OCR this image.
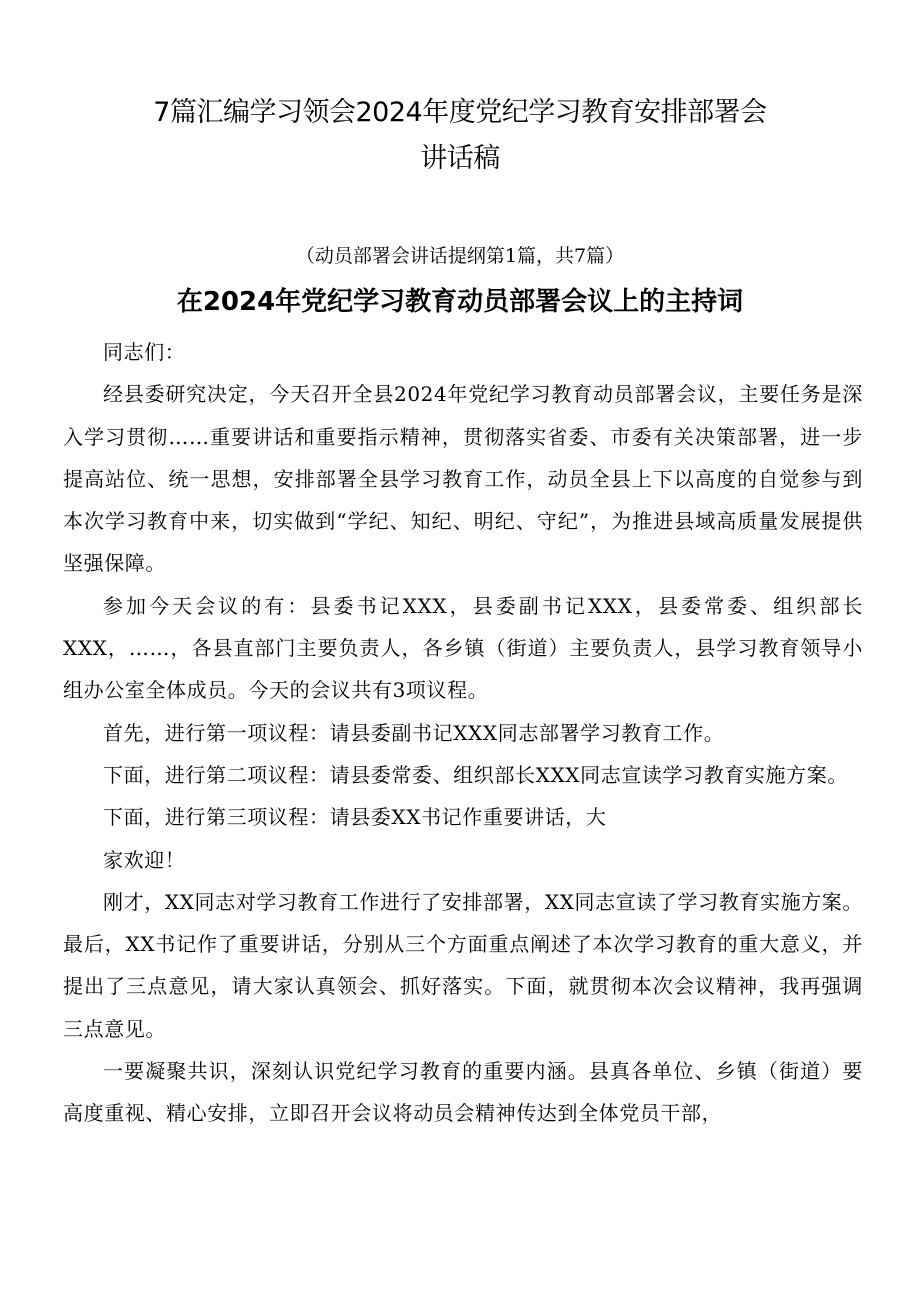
7篇汇编学习领会2024年度党纪学习教育安排部署会
讲话稿
（动员部署会讲话提纲第1篇，共7篇）
在2024年党纪学习教育动员部署会议上的主持词

同志们：

经县委研究决定，今天召开全县2024年党纪学习教育动员部署会议，主要任务是深入学习贯彻……重要讲话和重要指示精神，贯彻落实省委、市委有关决策部署，进一步提高站位、统一思想，安排部署全县学习教育工作，动员全县上下以高度的自觉参与到本次学习教育中来，切实做到“学纪、知纪、明纪、守纪”，为推进县域高质量发展提供坚强保障。

参加今天会议的有：县委书记XXX，县委副书记XXX，县委常委、组织部长XXX，……，各县直部门主要负责人，各乡镇（街道）主要负责人，县学习教育领导小组办公室全体成员。今天的会议共有3项议程。

首先，进行第一项议程：请县委副书记XXX同志部署学习教育工作。

下面，进行第二项议程：请县委常委、组织部长XXX同志宣读学习教育实施方案。

下面，进行第三项议程：请县委XX书记作重要讲话，大

家欢迎！

刚才，XX同志对学习教育工作进行了安排部署，XX同志宣读了学习教育实施方案。最后，XX书记作了重要讲话，分别从三个方面重点阐述了本次学习教育的重大意义，并提出了三点意见，请大家认真领会、抓好落实。下面，就贯彻本次会议精神，我再强调三点意见。

一要凝聚共识，深刻认识党纪学习教育的重要内涵。县真各单位、乡镇（街道）要高度重视、精心安排，立即召开会议将动员会精神传达到全体党员干部，
